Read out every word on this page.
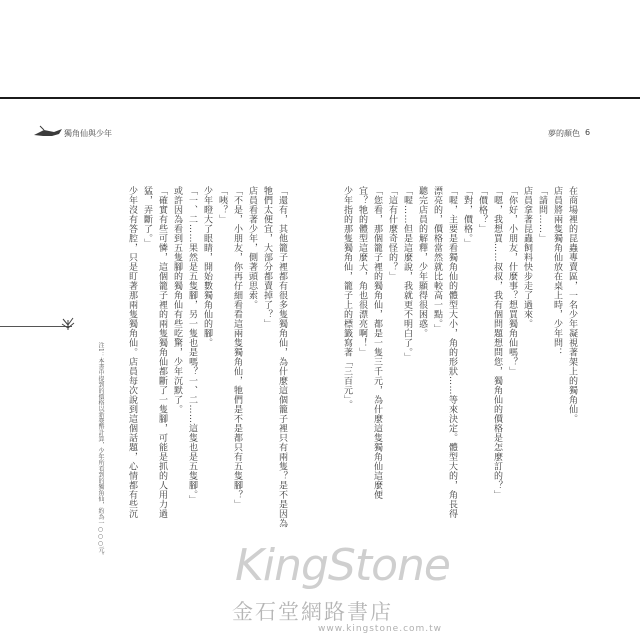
獨角仙與少年	夢的顏色 6
在商場裡的昆蟲專賣區，一名少年凝視著架上的獨角仙。
店員將兩隻獨角仙放在桌上時，少年問：
「請問……」
店員拿著昆蟲飼料快步走了過來。
「你好，小朋友，什麼事？想買獨角仙嗎？」
「嗯，我想買……叔叔，我有個問題想問您，獨角仙的價格是怎麼訂的？」
「價格？」
「對，價格。」
「喔，主要是看獨角仙的體型大小，角的形狀……等來決定。體型大的，角長得
漂亮的，價格當然就比較高一點。」
聽完店員的解釋，少年顯得很困惑。
「喔……但是這麼說，我就更不明白了。」
「這有什麼奇怪的？」
「您看，那個籠子裡的獨角仙，都是一隻三千元，為什麼這隻獨角仙這麼便
宜？牠的體型這麼大，角也很漂亮啊！」
少年指的那隻獨角仙，籠子上的標籤寫著「三百元」。
「還有，其他籠子裡都有很多隻獨角仙，為什麼這個籠子裡只有兩隻？是不是因為
牠們太便宜，大部分都賣掉了？」
店員看著少年，側著頭思索。
「不是，小朋友，你再仔細看看這兩隻獨角仙，牠們是不是都只有五隻腳？」
「咦？」
少年瞪大了眼睛，開始數獨角仙的腳。
「一、二……果然是五隻腳，另一隻也是嗎？一、二……這隻也是五隻腳。」
或許因為看到五隻腳的獨角仙有些吃驚，少年沉默了。
「確實有些可憐，這個籠子裡的兩隻獨角仙都斷了一隻腳，可能是抓的人用力過
猛，弄斷了。」
少年沒有答腔，只是盯著那兩隻獨角仙。店員每次說到這個話題，心情都有些沉
注1：本書中提到的價格以新臺幣計算，少年所看到的獨角仙，約為一○○○元。
KingStone
金石堂網路書店
www.kingstone.com.tw
